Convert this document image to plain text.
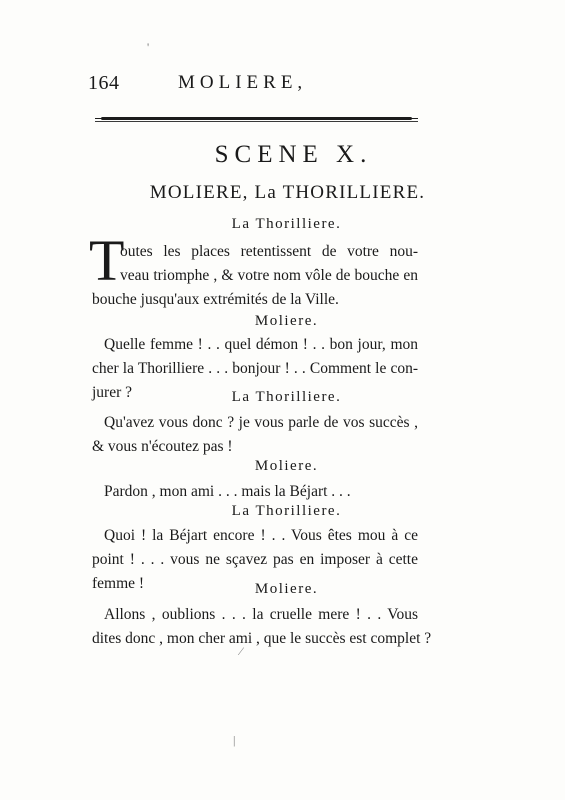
164	MOLIERE,
SCENE X.
MOLIERE, La THORILLIERE.
La Thorilliere.
T
outes les places retentissent de votre nou-
veau triomphe , & votre nom vôle de bouche en
bouche jusqu'aux extrémités de la Ville.
Moliere.
Quelle femme ! . . quel démon ! . . bon jour, mon
cher la Thorilliere . . . bonjour ! . . Comment le con-
jurer ?	La Thorilliere.
Qu'avez vous donc ? je vous parle de vos succès ,
& vous n'écoutez pas !
Moliere.
Pardon , mon ami . . . mais la Béjart . . .
La Thorilliere.
Quoi ! la Béjart encore ! . . Vous êtes mou à ce
point ! . . . vous ne sçavez pas en imposer à cette
femme !	Moliere.
Allons , oublions . . . la cruelle mere ! . . Vous
dites donc , mon cher ami , que le succès est complet ?
'
⁄
|
